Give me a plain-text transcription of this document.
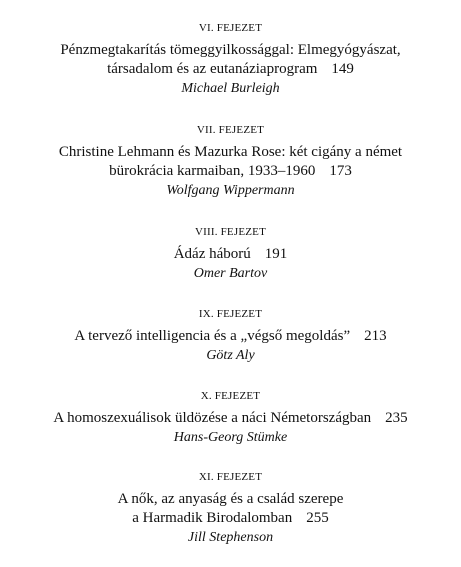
VI. FEJEZET
Pénzmegtakarítás tömeggyilkossággal: Elmegyógyászat,
társadalom és az eutanáziaprogram 149
Michael Burleigh
VII. FEJEZET
Christine Lehmann és Mazurka Rose: két cigány a német
bürokrácia karmaiban, 1933–1960 173
Wolfgang Wippermann
VIII. FEJEZET
Ádáz háború 191
Omer Bartov
IX. FEJEZET
A tervező intelligencia és a „végső megoldás” 213
Götz Aly
X. FEJEZET
A homoszexuálisok üldözése a náci Németországban 235
Hans-Georg Stümke
XI. FEJEZET
A nők, az anyaság és a család szerepe
a Harmadik Birodalomban 255
Jill Stephenson
